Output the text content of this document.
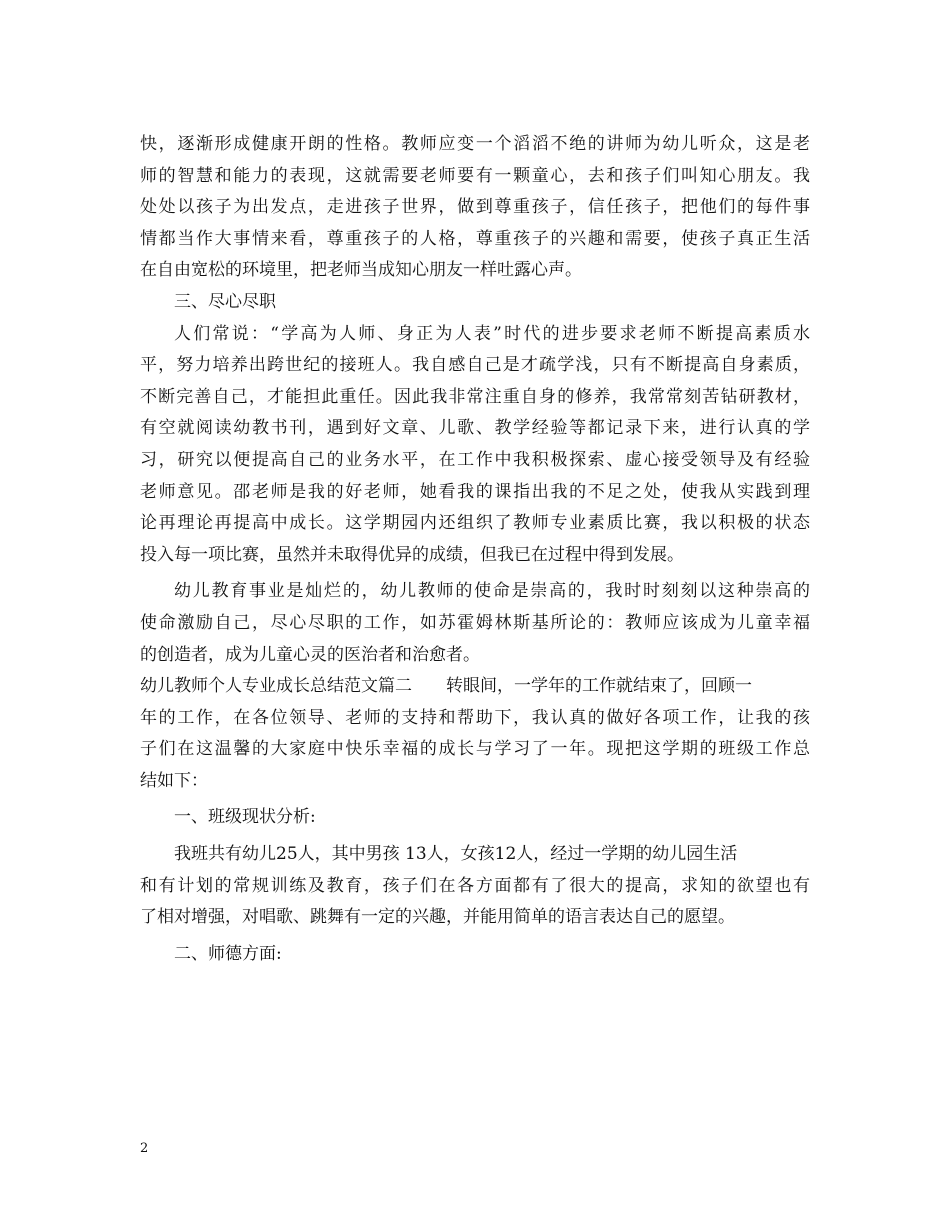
快，逐渐形成健康开朗的性格。教师应变一个滔滔不绝的讲师为幼儿听众，这是老
师的智慧和能力的表现，这就需要老师要有一颗童心，去和孩子们叫知心朋友。我
处处以孩子为出发点，走进孩子世界，做到尊重孩子，信任孩子，把他们的每件事
情都当作大事情来看，尊重孩子的人格，尊重孩子的兴趣和需要，使孩子真正生活
在自由宽松的环境里，把老师当成知心朋友一样吐露心声。
三、尽心尽职
人们常说：“学高为人师、身正为人表”时代的进步要求老师不断提高素质水
平，努力培养出跨世纪的接班人。我自感自己是才疏学浅，只有不断提高自身素质，
不断完善自己，才能担此重任。因此我非常注重自身的修养，我常常刻苦钻研教材，
有空就阅读幼教书刊，遇到好文章、儿歌、教学经验等都记录下来，进行认真的学
习，研究以便提高自己的业务水平，在工作中我积极探索、虚心接受领导及有经验
老师意见。邵老师是我的好老师，她看我的课指出我的不足之处，使我从实践到理
论再理论再提高中成长。这学期园内还组织了教师专业素质比赛，我以积极的状态
投入每一项比赛，虽然并未取得优异的成绩，但我已在过程中得到发展。
幼儿教育事业是灿烂的，幼儿教师的使命是崇高的，我时时刻刻以这种崇高的
使命激励自己，尽心尽职的工作，如苏霍姆林斯基所论的：教师应该成为儿童幸福
的创造者，成为儿童心灵的医治者和治愈者。
幼儿教师个人专业成长总结范文篇二 转眼间，一学年的工作就结束了，回顾一
年的工作，在各位领导、老师的支持和帮助下，我认真的做好各项工作，让我的孩
子们在这温馨的大家庭中快乐幸福的成长与学习了一年。现把这学期的班级工作总
结如下：
一、班级现状分析:
我班共有幼儿25人，其中男孩 13人，女孩12人，经过一学期的幼儿园生活
和有计划的常规训练及教育，孩子们在各方面都有了很大的提高，求知的欲望也有
了相对增强，对唱歌、跳舞有一定的兴趣，并能用简单的语言表达自己的愿望。
二、师德方面:
2
